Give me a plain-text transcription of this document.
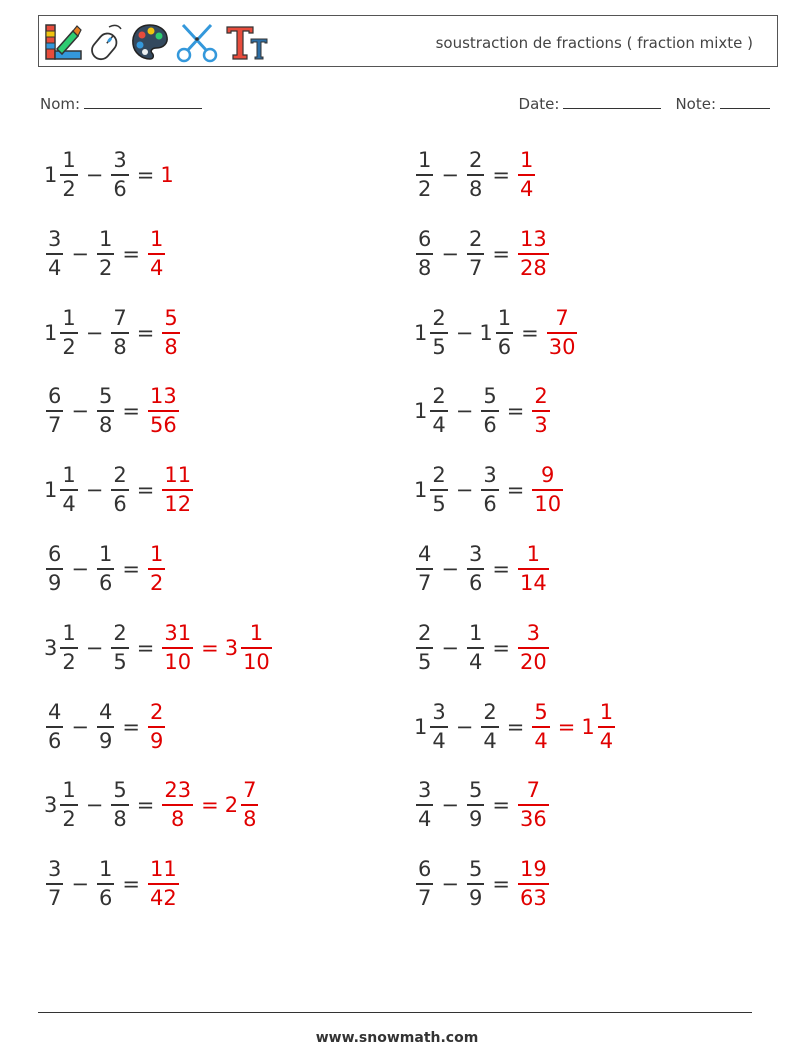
soustraction de fractions ( fraction mixte )
Nom:	Date:	Note:
$1 \frac{1}{2} - \frac{3}{6} = 1$	$\frac{1}{2} - \frac{2}{8} = \frac{1}{4}$
$\frac{3}{4} - \frac{1}{2} = \frac{1}{4}$	$\frac{6}{8} - \frac{2}{7} = \frac{13}{28}$
$1 \frac{1}{2} - \frac{7}{8} = \frac{5}{8}$	$1 \frac{2}{5} - 1 \frac{1}{6} = \frac{7}{30}$
$\frac{6}{7} - \frac{5}{8} = \frac{13}{56}$	$1 \frac{2}{4} - \frac{5}{6} = \frac{2}{3}$
$1 \frac{1}{4} - \frac{2}{6} = \frac{11}{12}$	$1 \frac{2}{5} - \frac{3}{6} = \frac{9}{10}$
$\frac{6}{9} - \frac{1}{6} = \frac{1}{2}$	$\frac{4}{7} - \frac{3}{6} = \frac{1}{14}$
$3 \frac{1}{2} - \frac{2}{5} = \frac{31}{10} = 3 \frac{1}{10}$	$\frac{2}{5} - \frac{1}{4} = \frac{3}{20}$
$\frac{4}{6} - \frac{4}{9} = \frac{2}{9}$	$1 \frac{3}{4} - \frac{2}{4} = \frac{5}{4} = 1 \frac{1}{4}$
$3 \frac{1}{2} - \frac{5}{8} = \frac{23}{8} = 2 \frac{7}{8}$	$\frac{3}{4} - \frac{5}{9} = \frac{7}{36}$
$\frac{3}{7} - \frac{1}{6} = \frac{11}{42}$	$\frac{6}{7} - \frac{5}{9} = \frac{19}{63}$
www.snowmath.com
